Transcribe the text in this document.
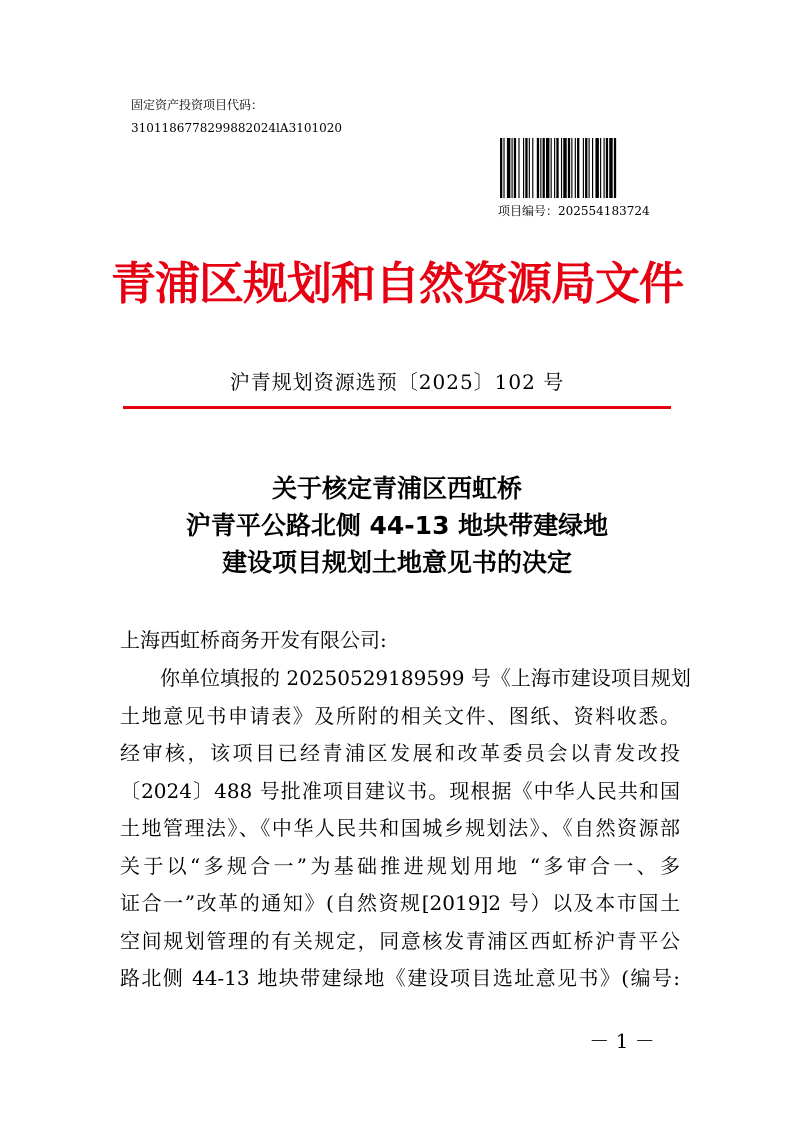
固定资产投资项目代码：
3101186778299882024lA3101020
项目编号：202554183724
青浦区规划和自然资源局文件
沪青规划资源选预〔2025〕102 号
关于核定青浦区西虹桥
沪青平公路北侧 44-13 地块带建绿地
建设项目规划土地意见书的决定
上海西虹桥商务开发有限公司:
你单位填报的 20250529189599 号《上海市建设项目规划
土地意见书申请表》及所附的相关文件、图纸、资料收悉。
经审核，该项目已经青浦区发展和改革委员会以青发改投
〔2024〕488 号批准项目建议书。现根据《中华人民共和国
土地管理法》、《中华人民共和国城乡规划法》、《自然资源部
关于以“多规合一”为基础推进规划用地 “多审合一、多
证合一”改革的通知》(自然资规[2019]2 号）以及本市国土
空间规划管理的有关规定，同意核发青浦区西虹桥沪青平公
路北侧 44-13 地块带建绿地《建设项目选址意见书》(编号:
－ 1 －
